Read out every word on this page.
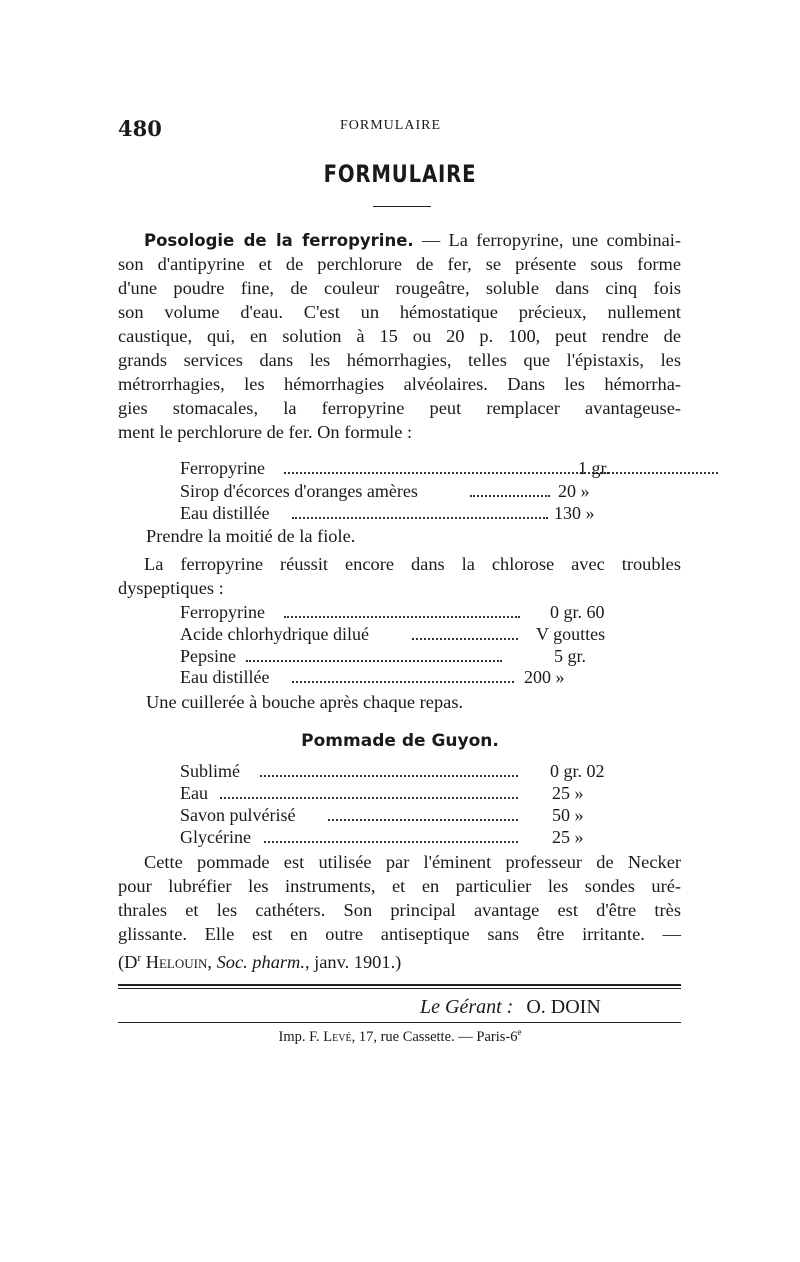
480	FORMULAIRE
FORMULAIRE
Posologie de la ferropyrine. — La ferropyrine, une combinai-
son d'antipyrine et de perchlorure de fer, se présente sous forme
d'une poudre fine, de couleur rougeâtre, soluble dans cinq fois
son volume d'eau. C'est un hémostatique précieux, nullement
caustique, qui, en solution à 15 ou 20 p. 100, peut rendre de
grands services dans les hémorrhagies, telles que l'épistaxis, les
métrorrhagies, les hémorrhagies alvéolaires. Dans les hémorrha-
gies stomacales, la ferropyrine peut remplacer avantageuse-
ment le perchlorure de fer. On formule :
Ferropyrine	1 gr.
Sirop d'écorces d'oranges amères	20 »
Eau distillée	130 »
Prendre la moitié de la fiole.
La ferropyrine réussit encore dans la chlorose avec troubles
dyspeptiques :
Ferropyrine	0 gr. 60
Acide chlorhydrique dilué	V gouttes
Pepsine	5 gr.
Eau distillée	200 »
Une cuillerée à bouche après chaque repas.
Pommade de Guyon.
Sublimé	0 gr. 02
Eau	25 »
Savon pulvérisé	50 »
Glycérine	25 »
Cette pommade est utilisée par l'éminent professeur de Necker
pour lubréfier les instruments, et en particulier les sondes uré-
thrales et les cathéters. Son principal avantage est d'être très
glissante. Elle est en outre antiseptique sans être irritante. —
($D^r$ Helouin, Soc. pharm., janv. 1901.)
Le Gérant : O. DOIN
Imp. F. Levé, 17, rue Cassette. — Paris-6e
